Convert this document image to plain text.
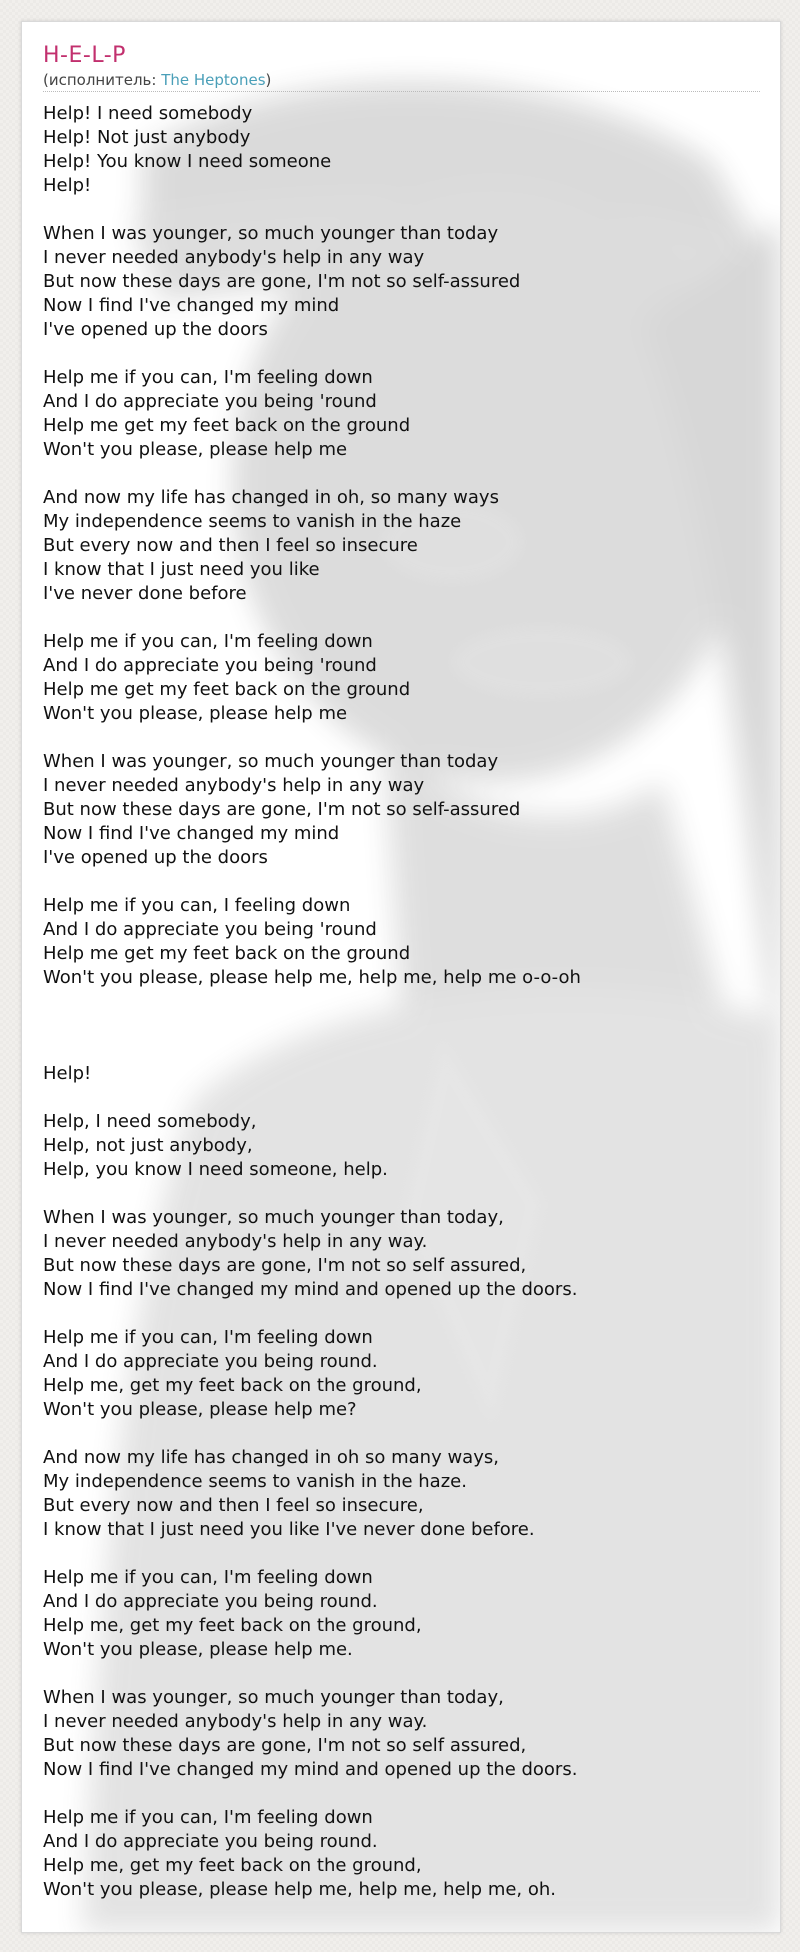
H-E-L-P
(исполнитель: The Heptones)
Help! I need somebody
Help! Not just anybody
Help! You know I need someone
Help!

When I was younger, so much younger than today
I never needed anybody's help in any way
But now these days are gone, I'm not so self-assured
Now I find I've changed my mind
I've opened up the doors

Help me if you can, I'm feeling down
And I do appreciate you being 'round
Help me get my feet back on the ground
Won't you please, please help me

And now my life has changed in oh, so many ways
My independence seems to vanish in the haze
But every now and then I feel so insecure
I know that I just need you like
I've never done before

Help me if you can, I'm feeling down
And I do appreciate you being 'round
Help me get my feet back on the ground
Won't you please, please help me

When I was younger, so much younger than today
I never needed anybody's help in any way
But now these days are gone, I'm not so self-assured
Now I find I've changed my mind
I've opened up the doors

Help me if you can, I feeling down
And I do appreciate you being 'round
Help me get my feet back on the ground
Won't you please, please help me, help me, help me o-o-oh

Help!

Help, I need somebody,
Help, not just anybody,
Help, you know I need someone, help.

When I was younger, so much younger than today,
I never needed anybody's help in any way.
But now these days are gone, I'm not so self assured,
Now I find I've changed my mind and opened up the doors.

Help me if you can, I'm feeling down
And I do appreciate you being round.
Help me, get my feet back on the ground,
Won't you please, please help me?

And now my life has changed in oh so many ways,
My independence seems to vanish in the haze.
But every now and then I feel so insecure,
I know that I just need you like I've never done before.

Help me if you can, I'm feeling down
And I do appreciate you being round.
Help me, get my feet back on the ground,
Won't you please, please help me.

When I was younger, so much younger than today,
I never needed anybody's help in any way.
But now these days are gone, I'm not so self assured,
Now I find I've changed my mind and opened up the doors.

Help me if you can, I'm feeling down
And I do appreciate you being round.
Help me, get my feet back on the ground,
Won't you please, please help me, help me, help me, oh.
